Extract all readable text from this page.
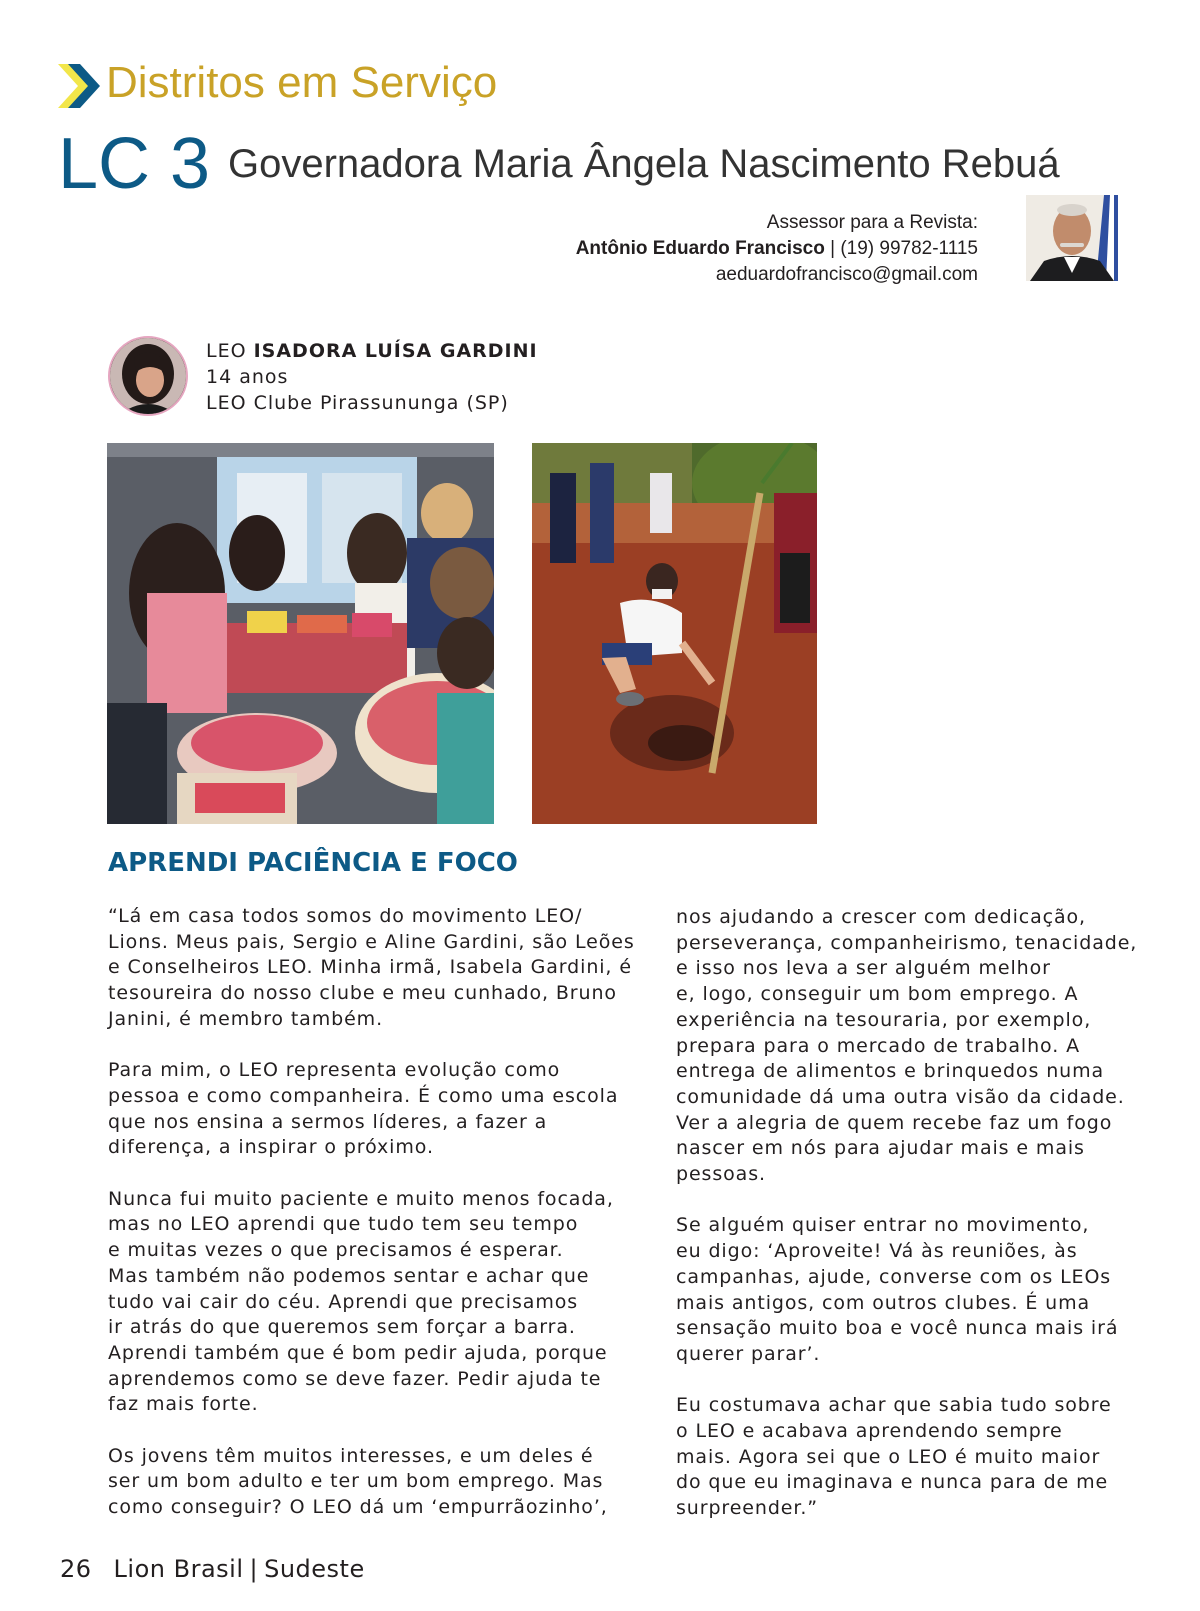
Distritos em Serviço
LC 3 Governadora Maria Ângela Nascimento Rebuá
Assessor para a Revista:
Antônio Eduardo Francisco | (19) 99782-1115
aeduardofrancisco@gmail.com
LEO ISADORA LUÍSA GARDINI
14 anos
LEO Clube Pirassununga (SP)
APRENDI PACIÊNCIA E FOCO

“Lá em casa todos somos do movimento LEO/
Lions. Meus pais, Sergio e Aline Gardini, são Leões
e Conselheiros LEO. Minha irmã, Isabela Gardini, é
tesoureira do nosso clube e meu cunhado, Bruno
Janini, é membro também.

Para mim, o LEO representa evolução como
pessoa e como companheira. É como uma escola
que nos ensina a sermos líderes, a fazer a
diferença, a inspirar o próximo.

Nunca fui muito paciente e muito menos focada,
mas no LEO aprendi que tudo tem seu tempo
e muitas vezes o que precisamos é esperar.
Mas também não podemos sentar e achar que
tudo vai cair do céu. Aprendi que precisamos
ir atrás do que queremos sem forçar a barra.
Aprendi também que é bom pedir ajuda, porque
aprendemos como se deve fazer. Pedir ajuda te
faz mais forte.

Os jovens têm muitos interesses, e um deles é
ser um bom adulto e ter um bom emprego. Mas
como conseguir? O LEO dá um ‘empurrãozinho’,

nos ajudando a crescer com dedicação,
perseverança, companheirismo, tenacidade,
e isso nos leva a ser alguém melhor
e, logo, conseguir um bom emprego. A
experiência na tesouraria, por exemplo,
prepara para o mercado de trabalho. A
entrega de alimentos e brinquedos numa
comunidade dá uma outra visão da cidade.
Ver a alegria de quem recebe faz um fogo
nascer em nós para ajudar mais e mais
pessoas.

Se alguém quiser entrar no movimento,
eu digo: ‘Aproveite! Vá às reuniões, às
campanhas, ajude, converse com os LEOs
mais antigos, com outros clubes. É uma
sensação muito boa e você nunca mais irá
querer parar’.

Eu costumava achar que sabia tudo sobre
o LEO e acabava aprendendo sempre
mais. Agora sei que o LEO é muito maior
do que eu imaginava e nunca para de me
surpreender.”

26 Lion Brasil | Sudeste
